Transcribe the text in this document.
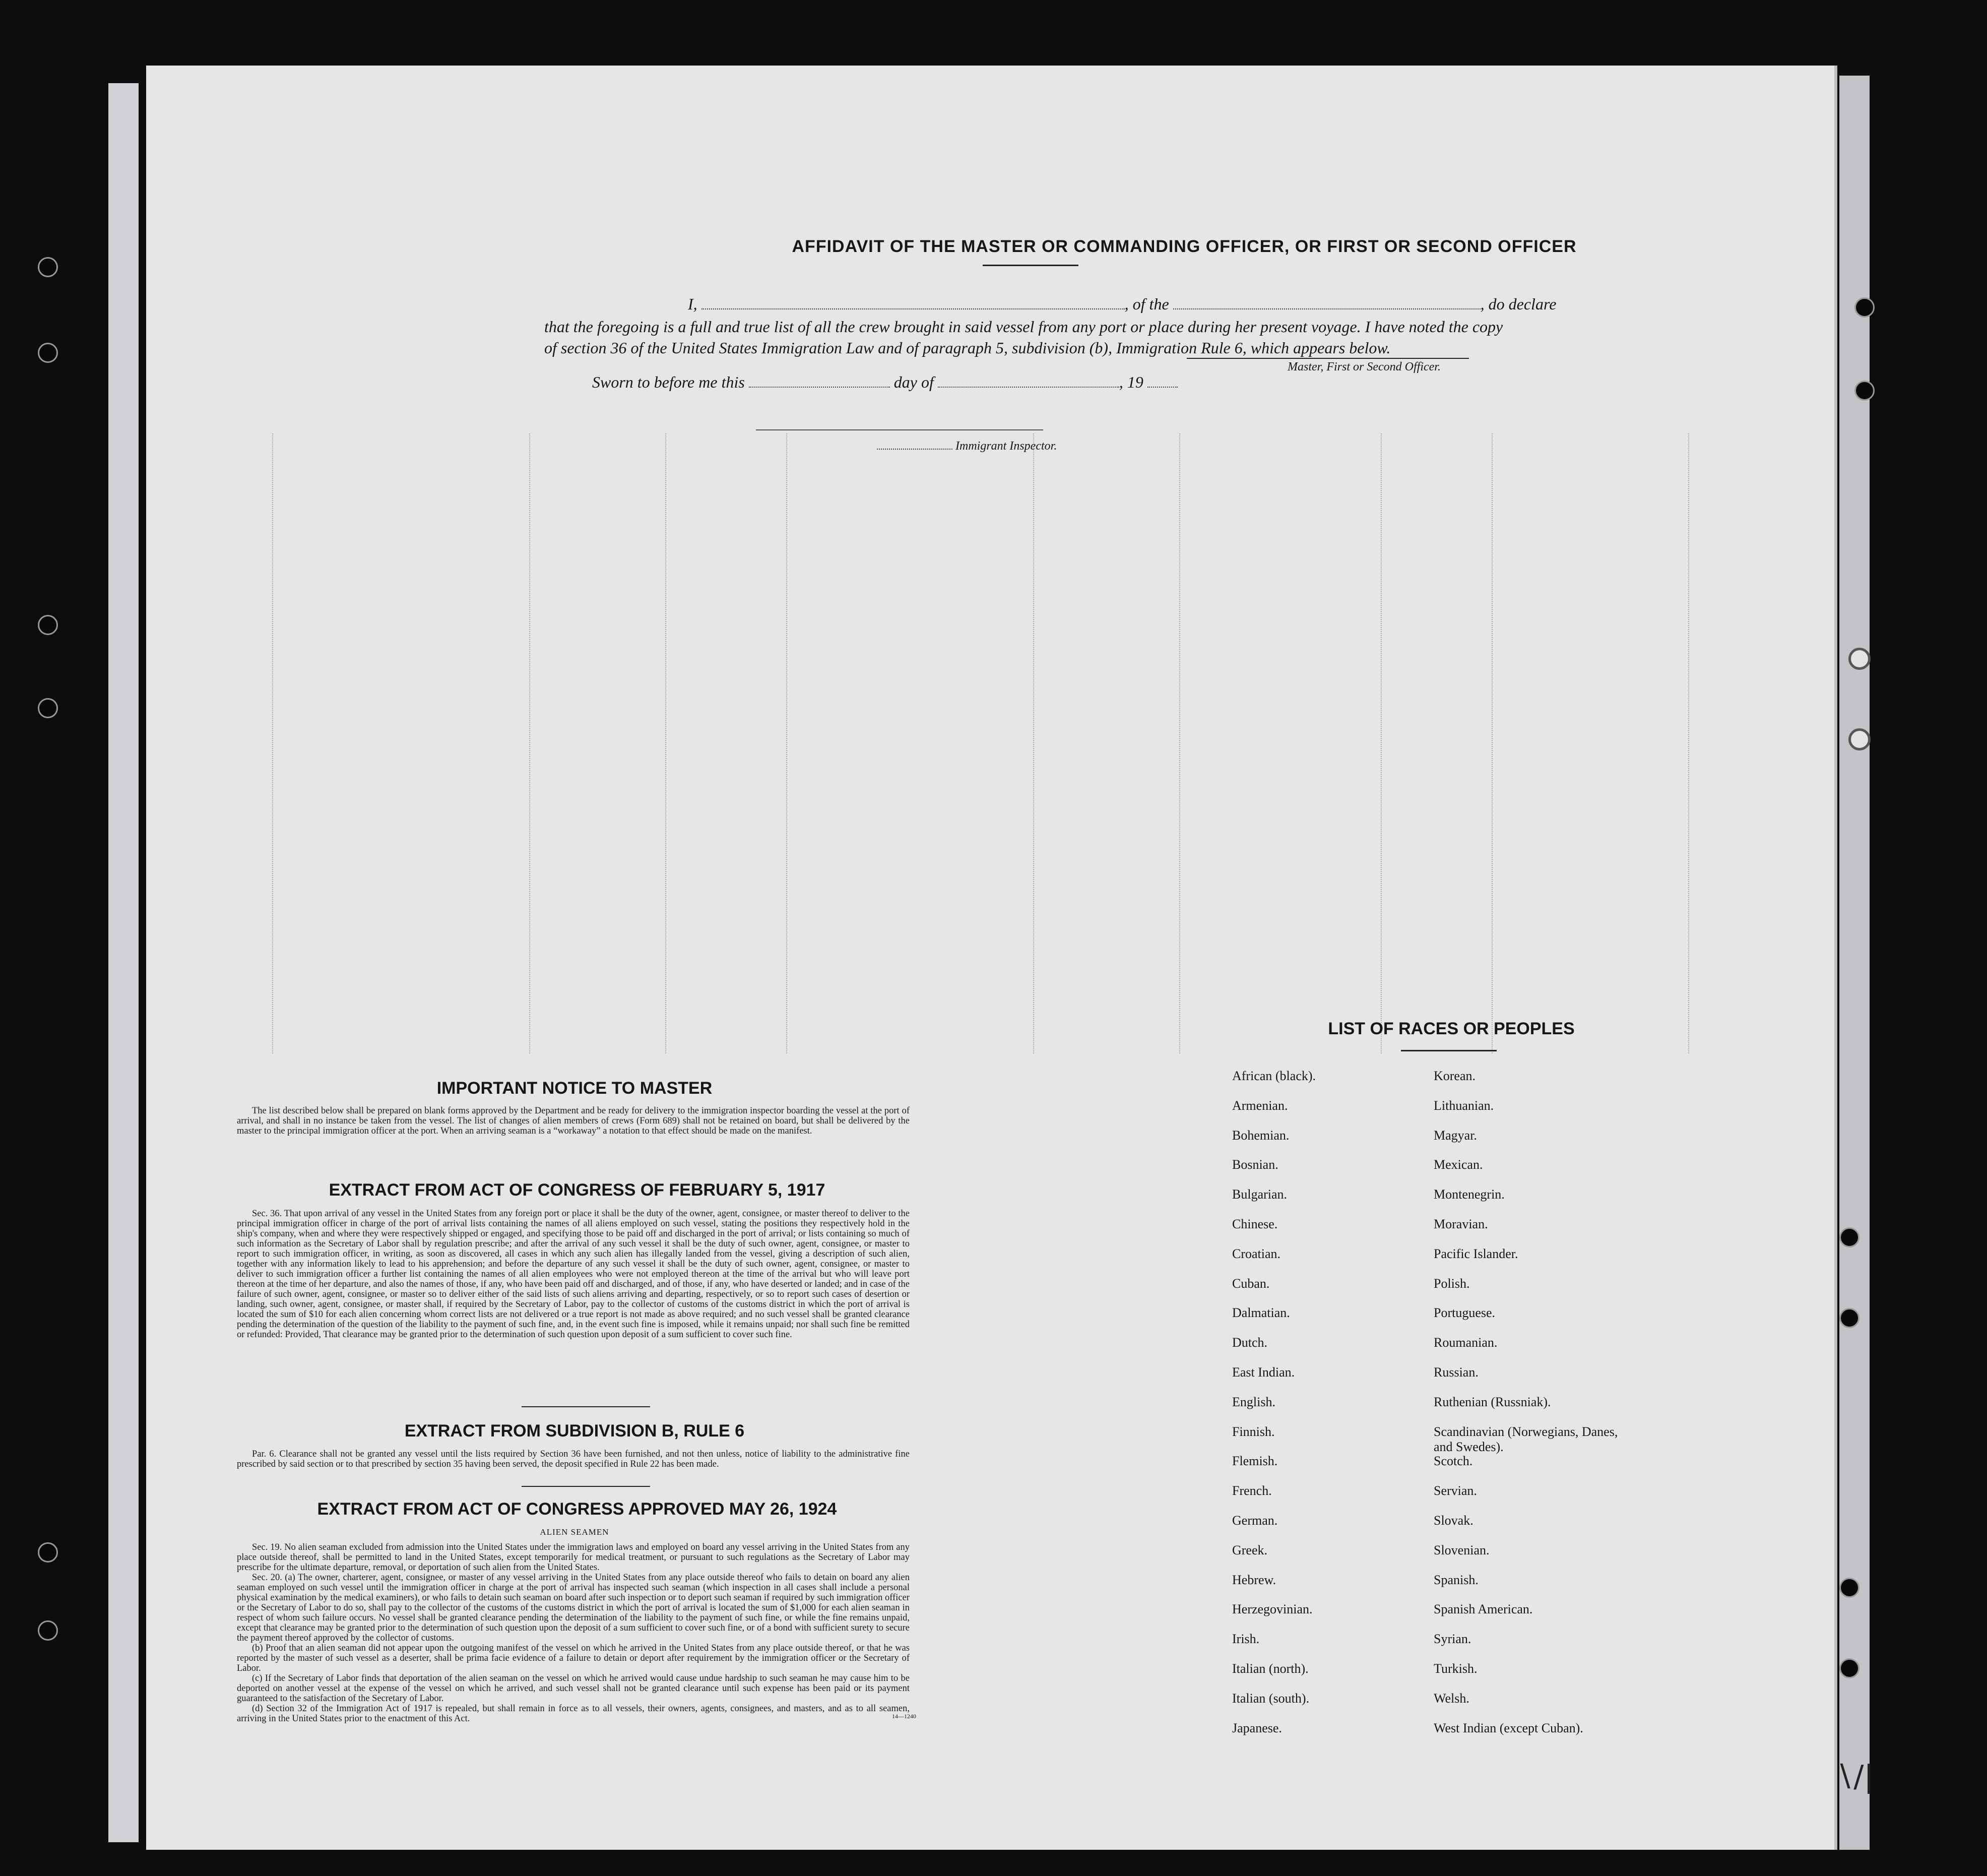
AFFIDAVIT OF THE MASTER OR COMMANDING OFFICER, OR FIRST OR SECOND OFFICER
I,	, of the	, do declare
that the foregoing is a full and true list of all the crew brought in said vessel from any port or place during her present voyage. I have noted the copy of section 36 of the United States Immigration Law and of paragraph 5, subdivision (b), Immigration Rule 6, which appears below.
Master, First or Second Officer.
Sworn to before me this	day of	, 19
Immigrant Inspector.
IMPORTANT NOTICE TO MASTER

The list described below shall be prepared on blank forms approved by the Department and be ready for delivery to the immigration inspector boarding the vessel at the port of arrival, and shall in no instance be taken from the vessel. The list of changes of alien members of crews (Form 689) shall not be retained on board, but shall be delivered by the master to the principal immigration officer at the port. When an arriving seaman is a “workaway” a notation to that effect should be made on the manifest.

EXTRACT FROM ACT OF CONGRESS OF FEBRUARY 5, 1917

Sec. 36. That upon arrival of any vessel in the United States from any foreign port or place it shall be the duty of the owner, agent, consignee, or master thereof to deliver to the principal immigration officer in charge of the port of arrival lists containing the names of all aliens employed on such vessel, stating the positions they respectively hold in the ship's company, when and where they were respectively shipped or engaged, and specifying those to be paid off and discharged in the port of arrival; or lists containing so much of such information as the Secretary of Labor shall by regulation prescribe; and after the arrival of any such vessel it shall be the duty of such owner, agent, consignee, or master to report to such immigration officer, in writing, as soon as discovered, all cases in which any such alien has illegally landed from the vessel, giving a description of such alien, together with any information likely to lead to his apprehension; and before the departure of any such vessel it shall be the duty of such owner, agent, consignee, or master to deliver to such immigration officer a further list containing the names of all alien employees who were not employed thereon at the time of the arrival but who will leave port thereon at the time of her departure, and also the names of those, if any, who have been paid off and discharged, and of those, if any, who have deserted or landed; and in case of the failure of such owner, agent, consignee, or master so to deliver either of the said lists of such aliens arriving and departing, respectively, or so to report such cases of desertion or landing, such owner, agent, consignee, or master shall, if required by the Secretary of Labor, pay to the collector of customs of the customs district in which the port of arrival is located the sum of $10 for each alien concerning whom correct lists are not delivered or a true report is not made as above required; and no such vessel shall be granted clearance pending the determination of the question of the liability to the payment of such fine, and, in the event such fine is imposed, while it remains unpaid; nor shall such fine be remitted or refunded: Provided, That clearance may be granted prior to the determination of such question upon deposit of a sum sufficient to cover such fine.

EXTRACT FROM SUBDIVISION B, RULE 6

Par. 6. Clearance shall not be granted any vessel until the lists required by Section 36 have been furnished, and not then unless, notice of liability to the administrative fine prescribed by said section or to that prescribed by section 35 having been served, the deposit specified in Rule 22 has been made.

EXTRACT FROM ACT OF CONGRESS APPROVED MAY 26, 1924
ALIEN SEAMEN

Sec. 19. No alien seaman excluded from admission into the United States under the immigration laws and employed on board any vessel arriving in the United States from any place outside thereof, shall be permitted to land in the United States, except temporarily for medical treatment, or pursuant to such regulations as the Secretary of Labor may prescribe for the ultimate departure, removal, or deportation of such alien from the United States.

Sec. 20. (a) The owner, charterer, agent, consignee, or master of any vessel arriving in the United States from any place outside thereof who fails to detain on board any alien seaman employed on such vessel until the immigration officer in charge at the port of arrival has inspected such seaman (which inspection in all cases shall include a personal physical examination by the medical examiners), or who fails to detain such seaman on board after such inspection or to deport such seaman if required by such immigration officer or the Secretary of Labor to do so, shall pay to the collector of the customs of the customs district in which the port of arrival is located the sum of $1,000 for each alien seaman in respect of whom such failure occurs. No vessel shall be granted clearance pending the determination of the liability to the payment of such fine, or while the fine remains unpaid, except that clearance may be granted prior to the determination of such question upon the deposit of a sum sufficient to cover such fine, or of a bond with sufficient surety to secure the payment thereof approved by the collector of customs.

(b) Proof that an alien seaman did not appear upon the outgoing manifest of the vessel on which he arrived in the United States from any place outside thereof, or that he was reported by the master of such vessel as a deserter, shall be prima facie evidence of a failure to detain or deport after requirement by the immigration officer or the Secretary of Labor.

(c) If the Secretary of Labor finds that deportation of the alien seaman on the vessel on which he arrived would cause undue hardship to such seaman he may cause him to be deported on another vessel at the expense of the vessel on which he arrived, and such vessel shall not be granted clearance until such expense has been paid or its payment guaranteed to the satisfaction of the Secretary of Labor.

(d) Section 32 of the Immigration Act of 1917 is repealed, but shall remain in force as to all vessels, their owners, agents, consignees, and masters, and as to all seamen, arriving in the United States prior to the enactment of this Act.	14—1240
LIST OF RACES OR PEOPLES
African (black).
Armenian.
Bohemian.
Bosnian.
Bulgarian.
Chinese.
Croatian.
Cuban.
Dalmatian.
Dutch.
East Indian.
English.
Finnish.
Flemish.
French.
German.
Greek.
Hebrew.
Herzegovinian.
Irish.
Italian (north).
Italian (south).
Japanese.
Korean.
Lithuanian.
Magyar.
Mexican.
Montenegrin.
Moravian.
Pacific Islander.
Polish.
Portuguese.
Roumanian.
Russian.
Ruthenian (Russniak).
Scandinavian (Norwegians, Danes, and Swedes).
Scotch.
Servian.
Slovak.
Slovenian.
Spanish.
Spanish American.
Syrian.
Turkish.
Welsh.
West Indian (except Cuban).
∖/|
